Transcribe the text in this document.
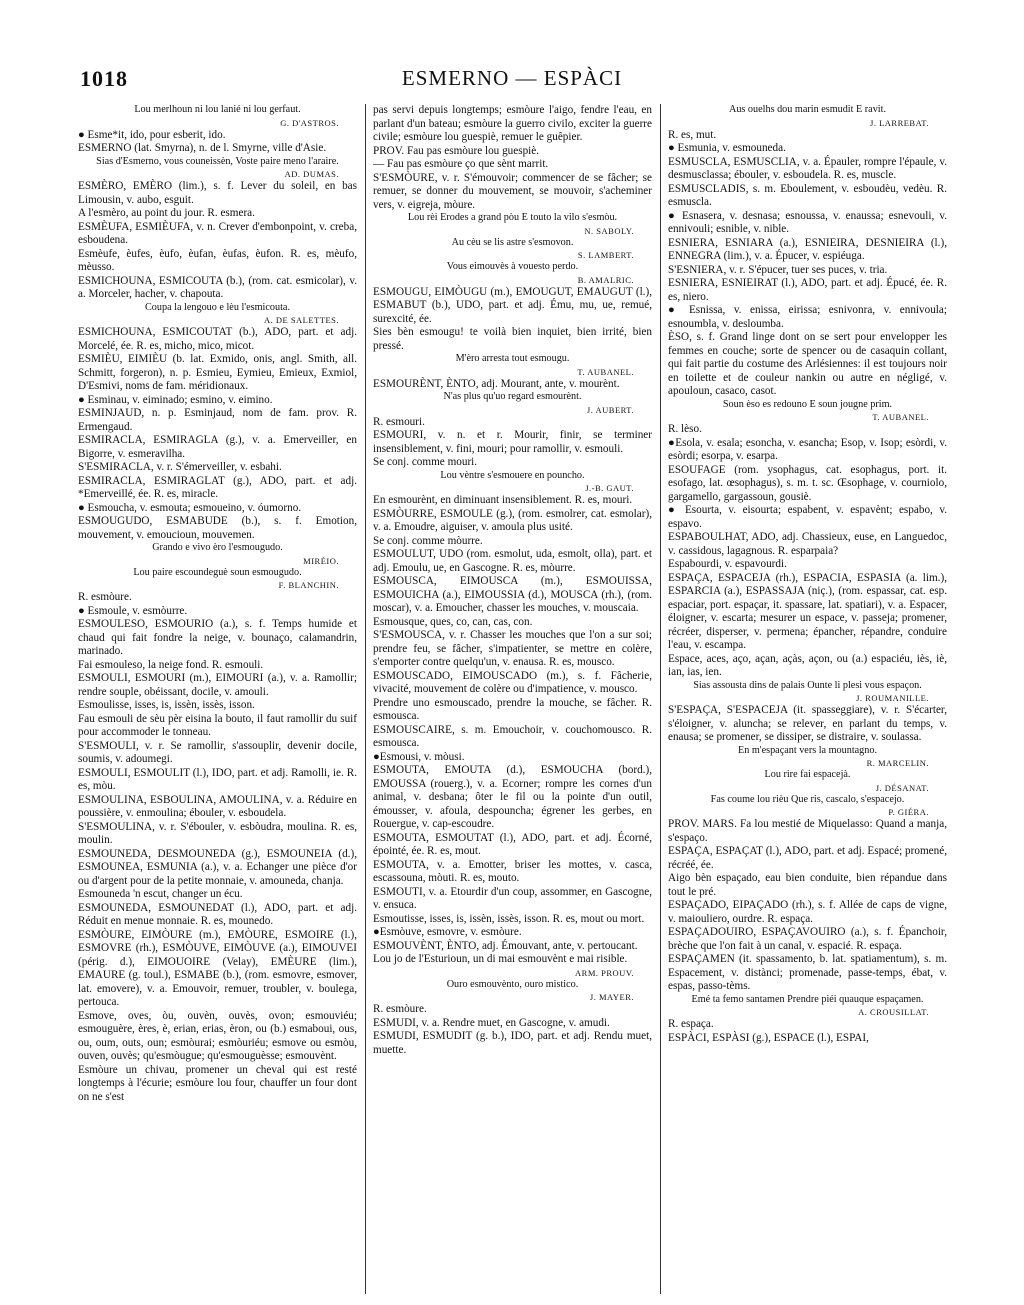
1018	ESMERNO — ESPÀCI

Lou merlhoun ni lou lanié ni lou gerfaut.

G. D'ASTROS.

● Esme*it, ido, pour esberit, ido.

ESMERNO (lat. Smyrna), n. de l. Smyrne, ville d'Asie.

Sias d'Esmerno, vous couneissèn, Voste paire meno l'araire.

AD. DUMAS.

ESMÈRO, EMÈRO (lim.), s. f. Lever du soleil, en bas Limousin, v. aubo, esguit.

A l'esmèro, au point du jour. R. esmera.

ESMÈUFA, ESMIÈUFA, v. n. Crever d'embonpoint, v. creba, esboudena.

Esmèufe, èufes, èufo, èufan, èufas, èufon. R. es, mèufo, mèusso.

ESMICHOUNA, ESMICOUTA (b.), (rom. cat. esmicolar), v. a. Morceler, hacher, v. chapouta.

Coupa la lengouo e lèu l'esmicouta.

A. DE SALETTES.

ESMICHOUNA, ESMICOUTAT (b.), ADO, part. et adj. Morcelé, ée. R. es, micho, mico, micot.

ESMIÈU, EIMIÈU (b. lat. Exmido, onis, angl. Smith, all. Schmitt, forgeron), n. p. Esmieu, Eymieu, Emieux, Exmiol, D'Esmivi, noms de fam. méridionaux.

● Esminau, v. eiminado; esmino, v. eimino.

ESMINJAUD, n. p. Esminjaud, nom de fam. prov. R. Ermengaud.

ESMIRACLA, ESMIRAGLA (g.), v. a. Emerveiller, en Bigorre, v. esmeravilha.

S'ESMIRACLA, v. r. S'émerveiller, v. esbahi.

ESMIRACLA, ESMIRAGLAT (g.), ADO, part. et adj. *Emerveillé, ée. R. es, miracle.

● Esmoucha, v. esmouta; esmoueino, v. óumorno.

ESMOUGUDO, ESMABUDE (b.), s. f. Emotion, mouvement, v. emoucioun, mouvemen.

Grando e vivo èro l'esmougudo.

MIRÈIO.

Lou paire escoundeguè soun esmougudo.

F. BLANCHIN.

R. esmòure.

● Esmoule, v. esmòurre.

ESMOULESO, ESMOURIO (a.), s. f. Temps humide et chaud qui fait fondre la neige, v. bounaço, calamandrin, marinado.

Fai esmouleso, la neige fond. R. esmouli.

ESMOULI, ESMOURI (m.), EIMOURI (a.), v. a. Ramollir; rendre souple, obéissant, docile, v. amouli.

Esmoulisse, isses, is, issèn, issès, isson.

Fau esmouli de sèu pèr eisina la bouto, il faut ramollir du suif pour accommoder le tonneau.

S'ESMOULI, v. r. Se ramollir, s'assouplir, devenir docile, soumis, v. adoumegi.

ESMOULI, ESMOULIT (l.), IDO, part. et adj. Ramolli, ie. R. es, mòu.

ESMOULINA, ESBOULINA, AMOULINA, v. a. Réduire en poussière, v. enmoulina; ébouler, v. esboudela.

S'ESMOULINA, v. r. S'ébouler, v. esbòudra, moulina. R. es, moulin.

ESMOUNEDA, DESMOUNEDA (g.), ESMOUNEIA (d.), ESMOUNEA, ESMUNIA (a.), v. a. Echanger une pièce d'or ou d'argent pour de la petite monnaie, v. amouneda, chanja.

Esmouneda 'n escut, changer un écu.

ESMOUNEDA, ESMOUNEDAT (l.), ADO, part. et adj. Réduit en menue monnaie. R. es, mounedo.

ESMÒURE, EIMÒURE (m.), EMÒURE, ESMOIRE (l.), ESMOVRE (rh.), ESMÒUVE, EIMÒUVE (a.), EIMOUVEI (périg. d.), EIMOUOIRE (Velay), EMÈURE (lim.), EMAURE (g. toul.), ESMABE (b.), (rom. esmovre, esmover, lat. emovere), v. a. Emouvoir, remuer, troubler, v. boulega, pertouca.

Esmove, oves, òu, ouvèn, ouvès, ovon; esmouviéu; esmouguère, ères, è, erian, erias, èron, ou (b.) esmaboui, ous, ou, oum, outs, oun; esmòurai; esmòuriéu; esmove ou esmòu, ouven, ouvès; qu'esmòugue; qu'esmouguèsse; esmouvènt.

Esmòure un chivau, promener un cheval qui est resté longtemps à l'écurie; esmòure lou four, chauffer un four dont on ne s'est

pas servi depuis longtemps; esmòure l'aigo, fendre l'eau, en parlant d'un bateau; esmòure la guerro civilo, exciter la guerre civile; esmòure lou guespiè, remuer le guêpier.

PROV. Fau pas esmòure lou guespiè.

— Fau pas esmòure ço que sènt marrit.

S'ESMÒURE, v. r. S'émouvoir; commencer de se fâcher; se remuer, se donner du mouvement, se mouvoir, s'acheminer vers, v. eigreja, mòure.

Lou rèi Erodes a grand pòu E touto la vilo s'esmòu.

N. SABOLY.

Au cèu se lis astre s'esmovon.

S. LAMBERT.

Vous eimouvès à vouesto perdo.

B. AMALRIC.

ESMOUGU, EIMÒUGU (m.), EMOUGUT, EMAUGUT (l.), ESMABUT (b.), UDO, part. et adj. Ému, mu, ue, remué, surexcité, ée.

Sies bèn esmougu! te voilà bien inquiet, bien irrité, bien pressé.

M'èro arresta tout esmougu.

T. AUBANEL.

ESMOURÈNT, ÈNTO, adj. Mourant, ante, v. mourènt.

N'as plus qu'uo regard esmourènt.

J. AUBERT.

R. esmouri.

ESMOURI, v. n. et r. Mourir, finir, se terminer insensiblement, v. fini, mouri; pour ramollir, v. esmouli.

Se conj. comme mouri.

Lou vèntre s'esmouere en pouncho.

J.-B. GAUT.

En esmourènt, en diminuant insensiblement. R. es, mouri.

ESMÒURRE, ESMOULE (g.), (rom. esmolrer, cat. esmolar), v. a. Emoudre, aiguiser, v. amoula plus usité.

Se conj. comme mòurre.

ESMOULUT, UDO (rom. esmolut, uda, esmolt, olla), part. et adj. Emoulu, ue, en Gascogne. R. es, mòurre.

ESMOUSCA, EIMOUSCA (m.), ESMOUISSA, ESMOUICHA (a.), EIMOUSSIA (d.), MOUSCA (rh.), (rom. moscar), v. a. Emoucher, chasser les mouches, v. mouscaia.

Esmousque, ques, co, can, cas, con.

S'ESMOUSCA, v. r. Chasser les mouches que l'on a sur soi; prendre feu, se fâcher, s'impatienter, se mettre en colère, s'emporter contre quelqu'un, v. enausa. R. es, mousco.

ESMOUSCADO, EIMOUSCADO (m.), s. f. Fâcherie, vivacité, mouvement de colère ou d'impatience, v. mousco.

Prendre uno esmouscado, prendre la mouche, se fâcher. R. esmousca.

ESMOUSCAIRE, s. m. Emouchoir, v. couchomousco. R. esmousca.

●Esmousi, v. mòusi.

ESMOUTA, EMOUTA (d.), ESMOUCHA (bord.), EMOUSSA (rouerg.), v. a. Ecorner; rompre les cornes d'un animal, v. desbana; ôter le fil ou la pointe d'un outil, émousser, v. afoula, despouncha; égrener les gerbes, en Rouergue, v. cap-escoudre.

ESMOUTA, ESMOUTAT (l.), ADO, part. et adj. Écorné, épointé, ée. R. es, mout.

ESMOUTA, v. a. Emotter, briser les mottes, v. casca, escassouna, mòuti. R. es, mouto.

ESMOUTI, v. a. Etourdir d'un coup, assommer, en Gascogne, v. ensuca.

Esmoutisse, isses, is, issèn, issès, isson. R. es, mout ou mort.

●Esmòuve, esmovre, v. esmòure.

ESMOUVÈNT, ÈNTO, adj. Émouvant, ante, v. pertoucant.

Lou jo de l'Esturioun, un di mai esmouvènt e mai risible.

ARM. PROUV.

Ouro esmouvènto, ouro mistico.

J. MAYER.

R. esmòure.

ESMUDI, v. a. Rendre muet, en Gascogne, v. amudi.

ESMUDI, ESMUDIT (g. b.), IDO, part. et adj. Rendu muet, muette.

Aus ouelhs dou marin esmudit E ravit.

J. LARREBAT.

R. es, mut.

● Esmunia, v. esmouneda.

ESMUSCLA, ESMUSCLIA, v. a. Épauler, rompre l'épaule, v. desmusclassa; ébouler, v. esboudela. R. es, muscle.

ESMUSCLADIS, s. m. Eboulement, v. esboudèu, vedèu. R. esmuscla.

● Esnasera, v. desnasa; esnoussa, v. enaussa; esnevouli, v. ennivouli; esnible, v. nible.

ESNIERA, ESNIARA (a.), ESNIEIRA, DESNIEIRA (l.), ENNEGRA (lim.), v. a. Épucer, v. espiéuga.

S'ESNIERA, v. r. S'épucer, tuer ses puces, v. tria.

ESNIERA, ESNIEIRAT (l.), ADO, part. et adj. Épucé, ée. R. es, niero.

● Esnissa, v. enissa, eirissa; esnivonra, v. ennivoula; esnoumbla, v. desloumba.

ÈSO, s. f. Grand linge dont on se sert pour envelopper les femmes en couche; sorte de spencer ou de casaquin collant, qui fait partie du costume des Arlésiennes: il est toujours noir en toilette et de couleur nankin ou autre en négligé, v. apouloun, casaco, casot.

Soun èso es redouno E soun jougne prim.

T. AUBANEL.

R. lèso.

●Esola, v. esala; esoncha, v. esancha; Esop, v. Isop; esòrdi, v. esòrdi; esorpa, v. esarpa.

ESOUFAGE (rom. ysophagus, cat. esophagus, port. it. esofago, lat. œsophagus), s. m. t. sc. Œsophage, v. courniolo, gargamello, gargassoun, gousiè.

● Esourta, v. eisourta; espabent, v. espavènt; espabo, v. espavo.

ESPABOULHAT, ADO, adj. Chassieux, euse, en Languedoc, v. cassidous, lagagnous. R. esparpaia?

Espabourdi, v. espavourdi.

ESPAÇA, ESPACEJA (rh.), ESPACIA, ESPASIA (a. lim.), ESPARCIA (a.), ESPASSAJA (niç.), (rom. espassar, cat. esp. espaciar, port. espaçar, it. spassare, lat. spatiari), v. a. Espacer, éloigner, v. escarta; mesurer un espace, v. passeja; promener, récréer, disperser, v. permena; épancher, répandre, conduire l'eau, v. escampa.

Espace, aces, aço, açan, açàs, açon, ou (a.) espaciéu, iès, iè, ian, ias, ien.

Sias assousta dins de palais Ounte li plesi vous espaçon.

J. ROUMANILLE.

S'ESPAÇA, S'ESPACEJA (it. spasseggiare), v. r. S'écarter, s'éloigner, v. aluncha; se relever, en parlant du temps, v. enausa; se promener, se dissiper, se distraire, v. soulassa.

En m'espaçant vers la mountagno.

R. MARCELIN.

Lou rire fai espacejà.

J. DÉSANAT.

Fas coume lou rièu Que ris, cascalo, s'espacejo.

P. GIÉRA.

PROV. MARS. Fa lou mestié de Miquelasso: Quand a manja, s'espaço.

ESPAÇA, ESPAÇAT (l.), ADO, part. et adj. Espacé; promené, récréé, ée.

Aigo bèn espaçado, eau bien conduite, bien répandue dans tout le pré.

ESPAÇADO, EIPAÇADO (rh.), s. f. Allée de caps de vigne, v. maiouliero, ourdre. R. espaça.

ESPAÇADOUIRO, ESPAÇAVOUIRO (a.), s. f. Épanchoir, brèche que l'on fait à un canal, v. espacié. R. espaça.

ESPAÇAMEN (it. spassamento, b. lat. spatiamentum), s. m. Espacement, v. distànci; promenade, passe-temps, ébat, v. espas, passo-tèms.

Emé ta femo santamen Prendre piéi quauque espaçamen.

A. CROUSILLAT.

R. espaça.

ESPÀCI, ESPÀSI (g.), ESPACE (l.), ESPAI,
